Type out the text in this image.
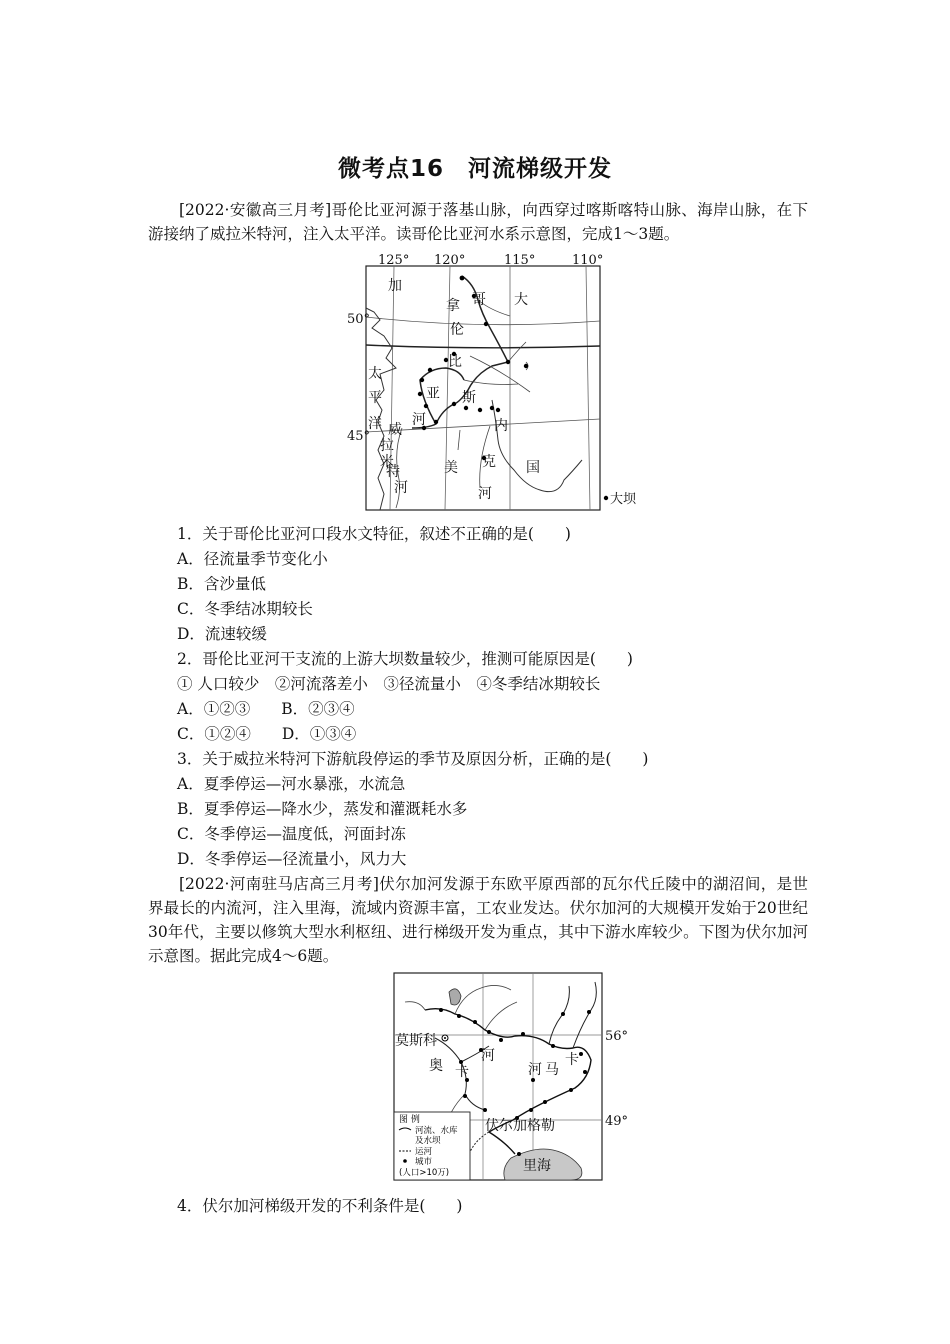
微考点16　河流梯级开发
[2022·安徽高三月考]哥伦比亚河源于落基山脉，向西穿过喀斯喀特山脉、海岸山脉，在下游接纳了威拉米特河，注入太平洋。读哥伦比亚河水系示意图，完成1～3题。
125° 120°	115°	110°
50°
45°
加
拿	大
哥
伦
比
亚
河
斯
太
平
洋 威
拉
米
特
河
美 克
内
国
河	大坝
1．关于哥伦比亚河口段水文特征，叙述不正确的是(　　)
A．径流量季节变化小
B．含沙量低
C．冬季结冰期较长
D．流速较缓
2．哥伦比亚河干支流的上游大坝数量较少，推测可能原因是(　　)
① 人口较少　②河流落差小　③径流量小　④冬季结冰期较长
A．①②③　　B．②③④
C．①②④　　D．①③④
3．关于威拉米特河下游航段停运的季节及原因分析，正确的是(　　)
A．夏季停运—河水暴涨，水流急
B．夏季停运—降水少，蒸发和灌溉耗水多
C．冬季停运—温度低，河面封冻
D．冬季停运—径流量小，风力大
[2022·河南驻马店高三月考]伏尔加河发源于东欧平原西部的瓦尔代丘陵中的湖沼间，是世界最长的内流河，注入里海，流域内资源丰富，工农业发达。伏尔加河的大规模开发始于20世纪30年代，主要以修筑大型水利枢纽、进行梯级开发为重点，其中下游水库较少。下图为伏尔加河示意图。据此完成4～6题。
莫斯科
奥 卡
河
河 马
卡
伏尔加格勒
里海
56°
49°
图 例
河流、水库
及水坝
运河
城市
(人口>10万)
4．伏尔加河梯级开发的不利条件是(　　)
